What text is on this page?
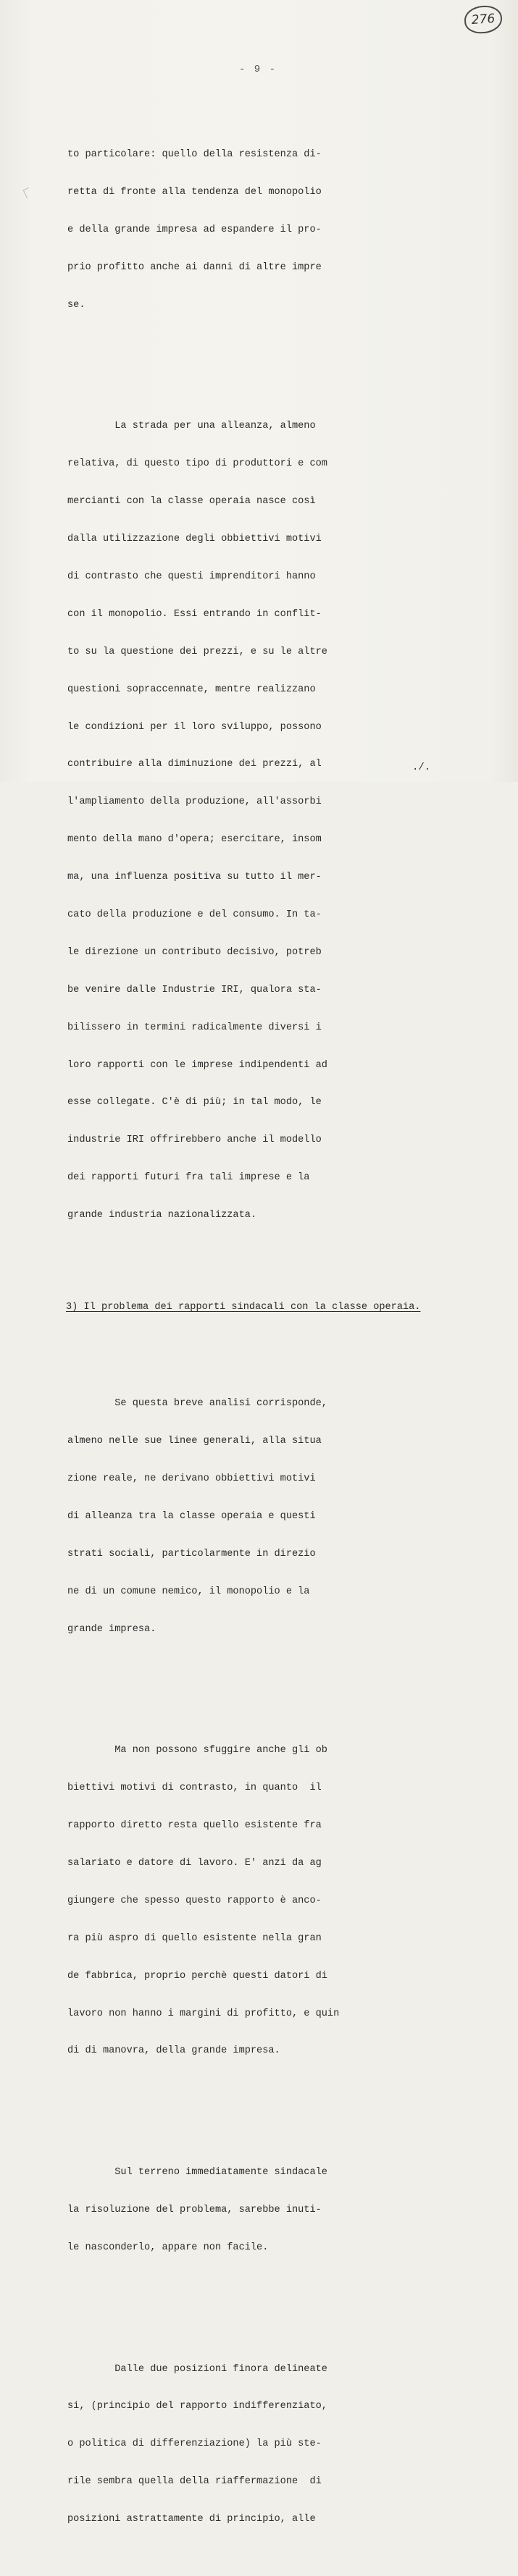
276
- 9 -

to particolare: quello della resistenza di-

retta di fronte alla tendenza del monopolio

e della grande impresa ad espandere il pro-

prio profitto anche ai danni di altre impre

se.

La strada per una alleanza, almeno

relativa, di questo tipo di produttori e com

mercianti con la classe operaia nasce così

dalla utilizzazione degli obbiettivi motivi

di contrasto che questi imprenditori hanno

con il monopolio. Essi entrando in conflit-

to su la questione dei prezzi, e su le altre

questioni sopraccennate, mentre realizzano

le condizioni per il loro sviluppo, possono

contribuire alla diminuzione dei prezzi, al

l'ampliamento della produzione, all'assorbi

mento della mano d'opera; esercitare, insom

ma, una influenza positiva su tutto il mer-

cato della produzione e del consumo. In ta-

le direzione un contributo decisivo, potreb

be venire dalle Industrie IRI, qualora sta-

bilissero in termini radicalmente diversi i

loro rapporti con le imprese indipendenti ad

esse collegate. C'è di più; in tal modo, le

industrie IRI offrirebbero anche il modello

dei rapporti futuri fra tali imprese e la

grande industria nazionalizzata.

3) Il problema dei rapporti sindacali con la classe operaia.

Se questa breve analisi corrisponde,

almeno nelle sue linee generali, alla situa

zione reale, ne derivano obbiettivi motivi

di alleanza tra la classe operaia e questi

strati sociali, particolarmente in direzio

ne di un comune nemico, il monopolio e la

grande impresa.

Ma non possono sfuggire anche gli ob

biettivi motivi di contrasto, in quanto  il

rapporto diretto resta quello esistente fra

salariato e datore di lavoro. E' anzi da ag

giungere che spesso questo rapporto è anco-

ra più aspro di quello esistente nella gran

de fabbrica, proprio perchè questi datori di

lavoro non hanno i margini di profitto, e quin

di di manovra, della grande impresa.

Sul terreno immediatamente sindacale

la risoluzione del problema, sarebbe inuti-

le nasconderlo, appare non facile.

Dalle due posizioni finora delineate

si, (principio del rapporto indifferenziato,

o politica di differenziazione) la più ste-

rile sembra quella della riaffermazione  di

posizioni astrattamente di principio, alle

./.
